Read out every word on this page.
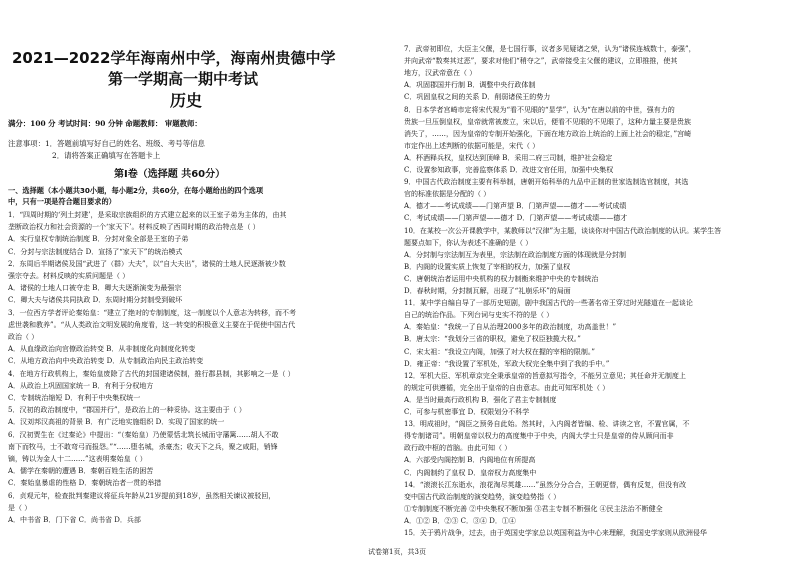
2021—2022学年海南州中学，海南州贵德中学
第一学期高一期中考试
历史
满分：100 分 考试时间：90 分钟 命题教师： 审题教师：
注意事项：1．答题前填写好自己的姓名、班级、考号等信息
2．请将答案正确填写在答题卡上
第Ⅰ卷（选择题 共60分）
一、选择题（本小题共30小题，每小题2分，共60分，在每小题给出的四个选项
中，只有一项是符合题目要求的）
1．“四周时期的‘列土封建’，是采取宗族组织的方式建立起来的以王室子弟为主体的，由其
垄断政治权力和社会资源的一个‘家天下’。材料反映了西周时期的政治特点是（ ）
A．实行皇权专制统治制度 B．分封对象全部是王室的子弟
C．分封与宗法制度结合 D．宣扬了“家天下”的统治模式
2．东周后半期诸侯及国“武进了（群）大夫”，以“自大夫出”，诸侯的土地人民逐渐被少数
强宗夺去。材料反映的实质问题是（ ）
A．诸侯的土地人口被夺走 B．卿大夫逐渐演变为最强宗
C．卿大夫与诸侯共同执政 D．东周时期分封制受到破坏
3．一位西方学者评论秦始皇：“建立了绝对的专制制度，这一制度以个人意志为转移，而不考
虑世袭和教养”。“从人类政治文明发展的角度看，这一转变的积极意义主要在于促使中国古代
政治（ ）
A．从血缘政治向官僚政治转变 B．从非制度化向制度化转变
C．从地方政治向中央政治转变 D．从专制政治向民主政治转变
4．在地方行政机构上，秦始皇废除了古代的封国建诸侯制，推行郡县制，其影响之一是（ ）
A．从政治上巩固国家统一 B．有利于分权地方
C．专制统治缩短 D．有利于中央集权统一
5．汉初的政治制度中，“郡国并行”，是政治上的一种妥协。这主要由于（ ）
A．汉刘邦汉高祖的背景 B．有广泛地实施组织 D．实现了国家的统一
6．汉初贾生在《过秦论》中提出：“（秦始皇）乃使蒙恬北筑长城而守藩篱……胡人不敢
南下而牧马，士不敢弯弓而报怨。”“……堕名城，杀豪杰；收天下之兵，聚之咸阳，销锋
镝，铸以为金人十二……”这表明秦始皇（ ）
A．儒学在秦朝的遭遇 B．秦朝百姓生活的困苦
C．秦始皇暴虐的性格 D．秦朝统治者一贯的举措
6．贞观元年，检查批判秦建议将征兵年龄从21岁提前到18岁，虽然相关谏议被驳回，
是（ ）
A．中书省 B．门下省 C．尚书省 D．兵部
7．武帝初即位，大臣主父偃，是七国行事，议者多见疑诸之荣，认为“诸侯连城数十，泰强”，
并向武帝“数奏其过恶”，要求对他们“稍夺之”，武帝接受主父偃的建议，立即推推，使其
地方，汉武帝意在（ ）
A．巩固郡国并行制 B．调整中央行政体制
C．巩固皇权之间的关系 D．削弱诸侯王的势力
8．日本学者宫崎市定将宋代视为“看不见眼的“显学”，认为“在唐以前的中世，强有力的
贵族一旦压倒皇权，皇帝就常被废立，宋以后，便看不见眼的不见眼了，这种力量主要是贵族
消失了，……，因为皇帝的专制开始强化，下面在地方政治上统治的上面上社会的稳定，”宫崎
市定作出上述判断的依据可能是，宋代（ ）
A．杯酒释兵权，皇权达到顶峰 B．采用二府三司制，维护社会稳定
C．设置参知政事，完善监察体系 D．改进文官任用，加强中央集权
9．中国古代政治制度主要有科举制，唐朝开始科举的九品中正制的世家选制选官制度，其选
官的标准依据是分配的（ ）
A．德才——考试成绩——门第声望 B．门第声望——德才——考试成绩
C．考试成绩——门第声望——德才 D．门第声望——考试成绩——德才
10．在某校一次公开课教学中，某教师以“汉律”为主题，谈谈你对中国古代政治制度的认识。某学生答
题要点如下，你认为表述不准确的是（ ）
A．分封制与宗法制互为表里，宗法制在政治制度方面的体现就是分封制
B．内阁的设置实质上恢复了宰相的权力，加强了皇权
C．唐朝统治者运用中央机构的权力制衡来维护中央的专制统治
D．春秋时期，分封制瓦解，出现了“礼崩乐坏”的局面
11．某中学自编自导了一部历史短剧，剧中我国古代的一些著名帝王穿过时光隧道在一起谈论
自己的统治作品。下列台词与史实不符的是（ ）
A．秦始皇：“我统一了自从治理2000多年的政治制度，功高盖世！”
B．唐太宗：“我划分三省的职权，避免了权臣独揽大权。”
C．宋太祖：“我设立内阁，加强了对大权在握的宰相的限制。”
D．雍正帝：“我设置了军机处，军政大权完全集中到了我的手中。”
12．军机大臣、军机章京完全秉承皇帝的旨意拟写指令，不能另立意见；其任命并无制度上
的规定可供遵循，完全出于皇帝的自由意志。由此可知军机处（ ）
A．是当时最高行政机构 B．强化了君主专制制度
C．可参与机密事宜 D．权限划分不科学
13．明成祖时，“阁臣之预务自此始。然其时，入内阁者皆编、检、讲读之官，不置官属，不
得专制诸司”。明朝皇帝以权力的高度集中于中央，内阁大学士只是皇帝的侍从顾问而非
政行政中枢的首脑。由此可知（ ）
A．六部受内阁控制 B．内阁地位有所提高
C．内阁制约了皇权 D．皇帝权力高度集中
14．“滚滚长江东逝水，浪花淘尽英雄……”虽然分分合合，王朝更替，偶有反复，但没有改
变中国古代政治制度的演变趋势，演变趋势指（ ）
①专制制度不断完善 ②中央集权不断加强 ③君主专制不断强化 ④民主法治不断健全
A．①② B．②③ C．③④ D．①④
15．关于鸦片战争，过去，由于英国史学家总以英国利益为中心来理解，我国史学家则从欧洲侵华
试卷第1页，共3页
